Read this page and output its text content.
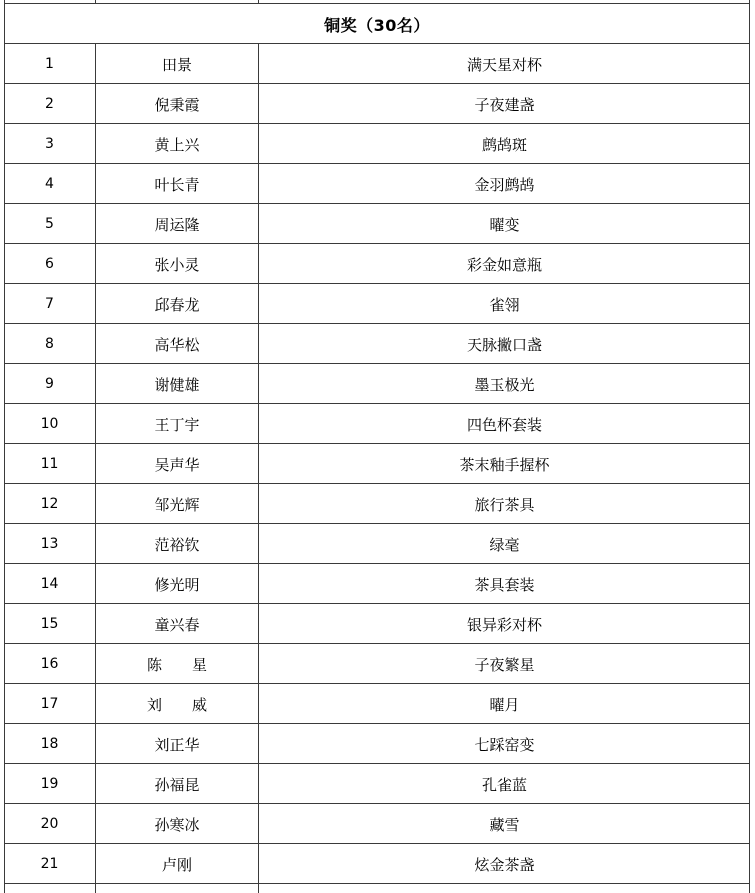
铜奖（30名）
1	田景	满天星对杯
2	倪秉霞	子夜建盏
3	黄上兴	鹧鸪斑
4	叶长青	金羽鹧鸪
5	周运隆	曜变
6	张小灵	彩金如意瓶
7	邱春龙	雀翎
8	高华松	天脉撇口盏
9	谢健雄	墨玉极光
10	王丁宇	四色杯套装
11	吴声华	茶末釉手握杯
12	邹光辉	旅行茶具
13	范裕钦	绿毫
14	修光明	茶具套装
15	童兴春	银异彩对杯
16	陈　　星	子夜繁星
17	刘　　威	曜月
18	刘正华	七踩窑变
19	孙福昆	孔雀蓝
20	孙寒冰	藏雪
21	卢刚	炫金茶盏
